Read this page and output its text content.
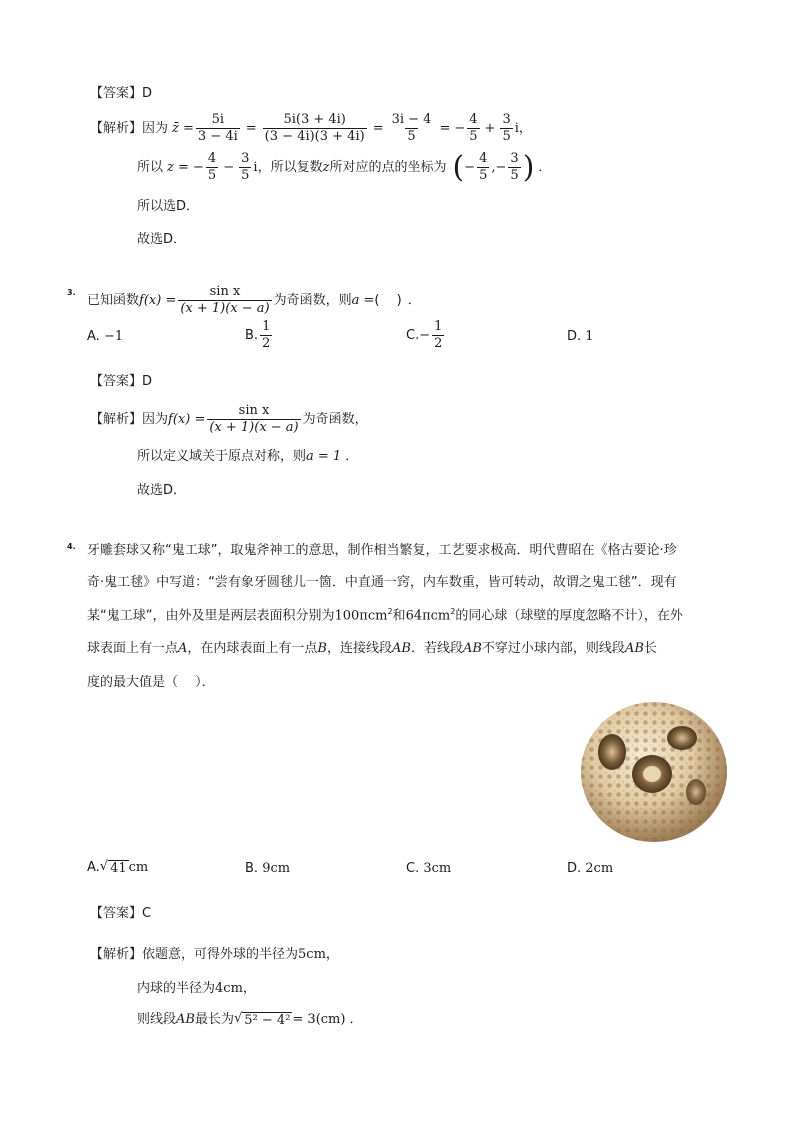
【答案】D
【解析】 因为 z̄ = $\frac{5i}{3 - 4i} = \frac{5i(3 + 4i)}{(3 - 4i)(3 + 4i)} = \frac{3i - 4}{5}$ = − $\frac{4}{5} + \frac{3}{5}$ i ，
所以 z = − $\frac{4}{5} - \frac{3}{5}$ i ，所以复数 z 所对应的点的坐标为 ( − $\frac{4}{5}$ , − $\frac{3}{5}$ ) ．
所以选D．
故选D．
3.
已知函数 $f(x) = \frac{\text{sin x}}{(x + 1)(x - a)}$ 为奇函数，则 a = (　 ) ．
A. −1	B. $\frac{1}{2}$	C. − $\frac{1}{2}$	D. 1
【答案】D
【解析】 因为 $f(x) = \frac{\text{sin x}}{(x + 1)(x - a)}$ 为奇函数，
所以定义域关于原点对称，则a = 1 ．
故选D．
4. 牙雕套球又称“鬼工球”，取鬼斧神工的意思，制作相当繁复，工艺要求极高．明代曹昭在《格古要论·珍
奇·鬼工毬》中写道：“尝有象牙圆毬儿一箇．中直通一窍，内车数重，皆可转动，故谓之鬼工毬”．现有
某“鬼工球”，由外及里是两层表面积分别为100πcm$^2$和64πcm$^2$的同心球（球壁的厚度忽略不计），在外
球表面上有一点A，在内球表面上有一点B，连接线段AB．若线段AB不穿过小球内部，则线段AB长
度的最大值是（　 ）．
A. √ 41 cm	B. 9cm	C. 3cm	D. 2cm
【答案】C
【解析】依题意，可得外球的半径为5cm，
内球的半径为4cm，
则线段 AB 最长为 √ 5² − 4² = 3(cm) ．
